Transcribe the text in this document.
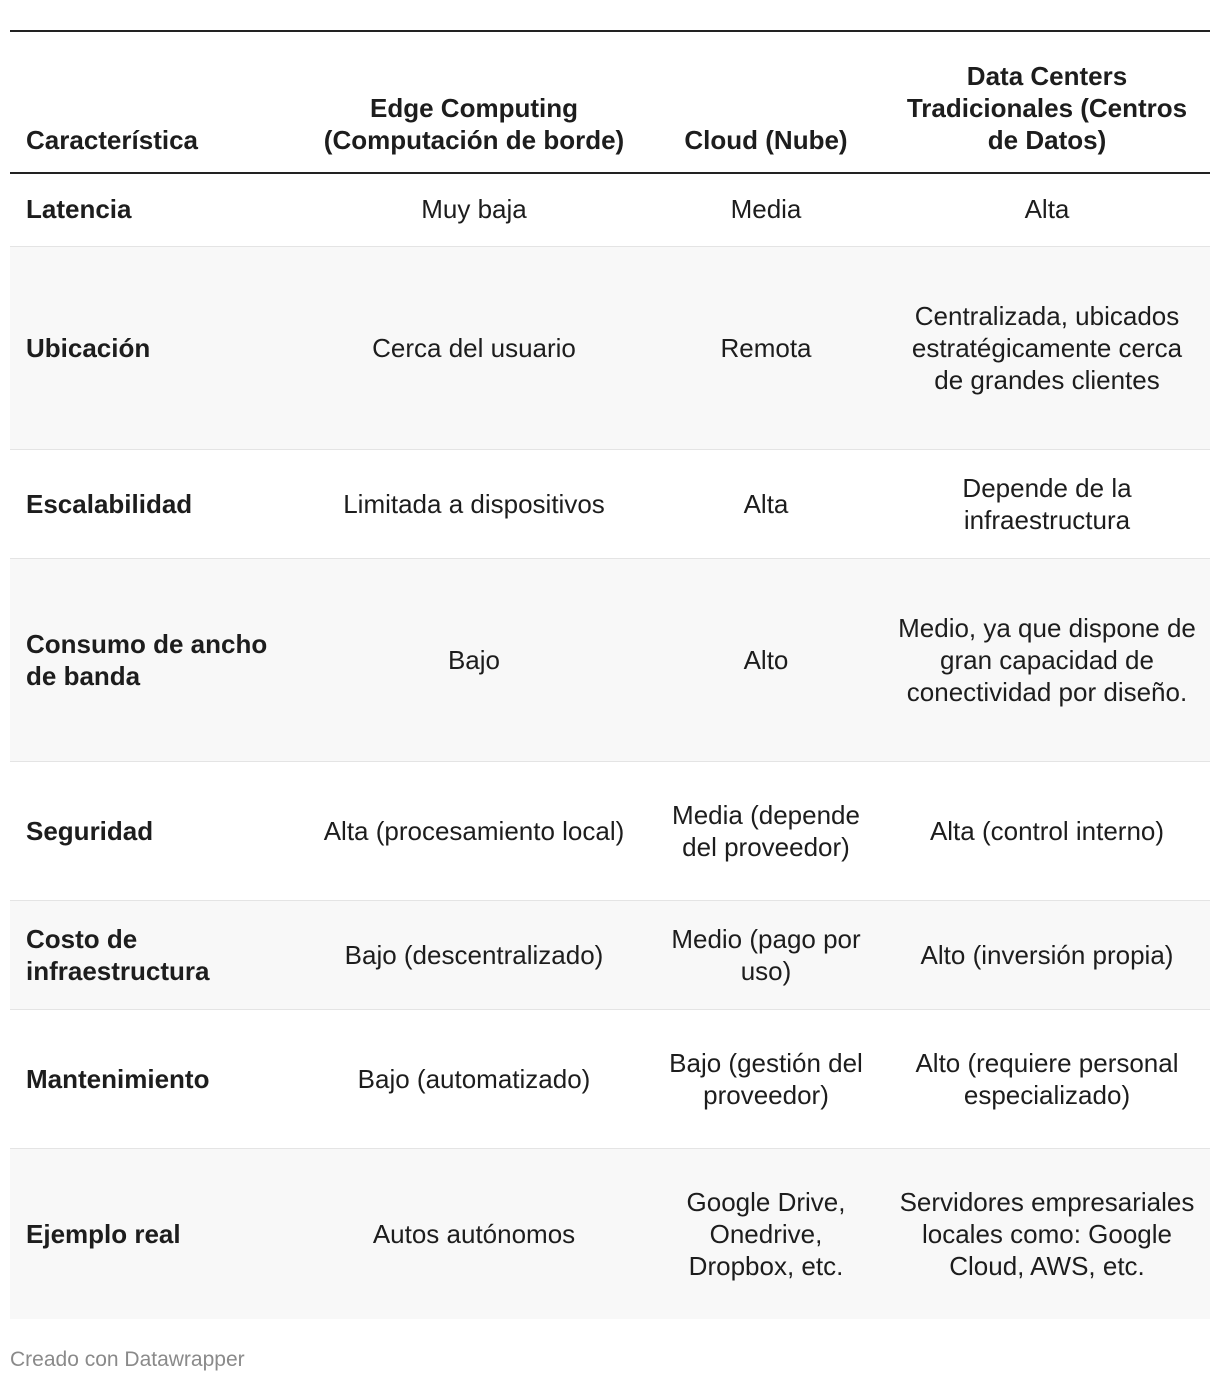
Característica	Edge Computing (Computación de borde)	Cloud (Nube)	Data Centers Tradicionales (Centros de Datos)
Latencia	Muy baja	Media	Alta
Ubicación	Cerca del usuario	Remota	Centralizada, ubicados estratégicamente cerca de grandes clientes
Escalabilidad	Limitada a dispositivos	Alta	Depende de la infraestructura
Consumo de ancho de banda	Bajo	Alto	Medio, ya que dispone de gran capacidad de conectividad por diseño.
Seguridad	Alta (procesamiento local)	Media (depende del proveedor)	Alta (control interno)
Costo de infraestructura	Bajo (descentralizado)	Medio (pago por uso)	Alto (inversión propia)
Mantenimiento	Bajo (automatizado)	Bajo (gestión del proveedor)	Alto (requiere personal especializado)
Ejemplo real	Autos autónomos	Google Drive, Onedrive, Dropbox, etc.	Servidores empresariales locales como: Google Cloud, AWS, etc.
Creado con Datawrapper
